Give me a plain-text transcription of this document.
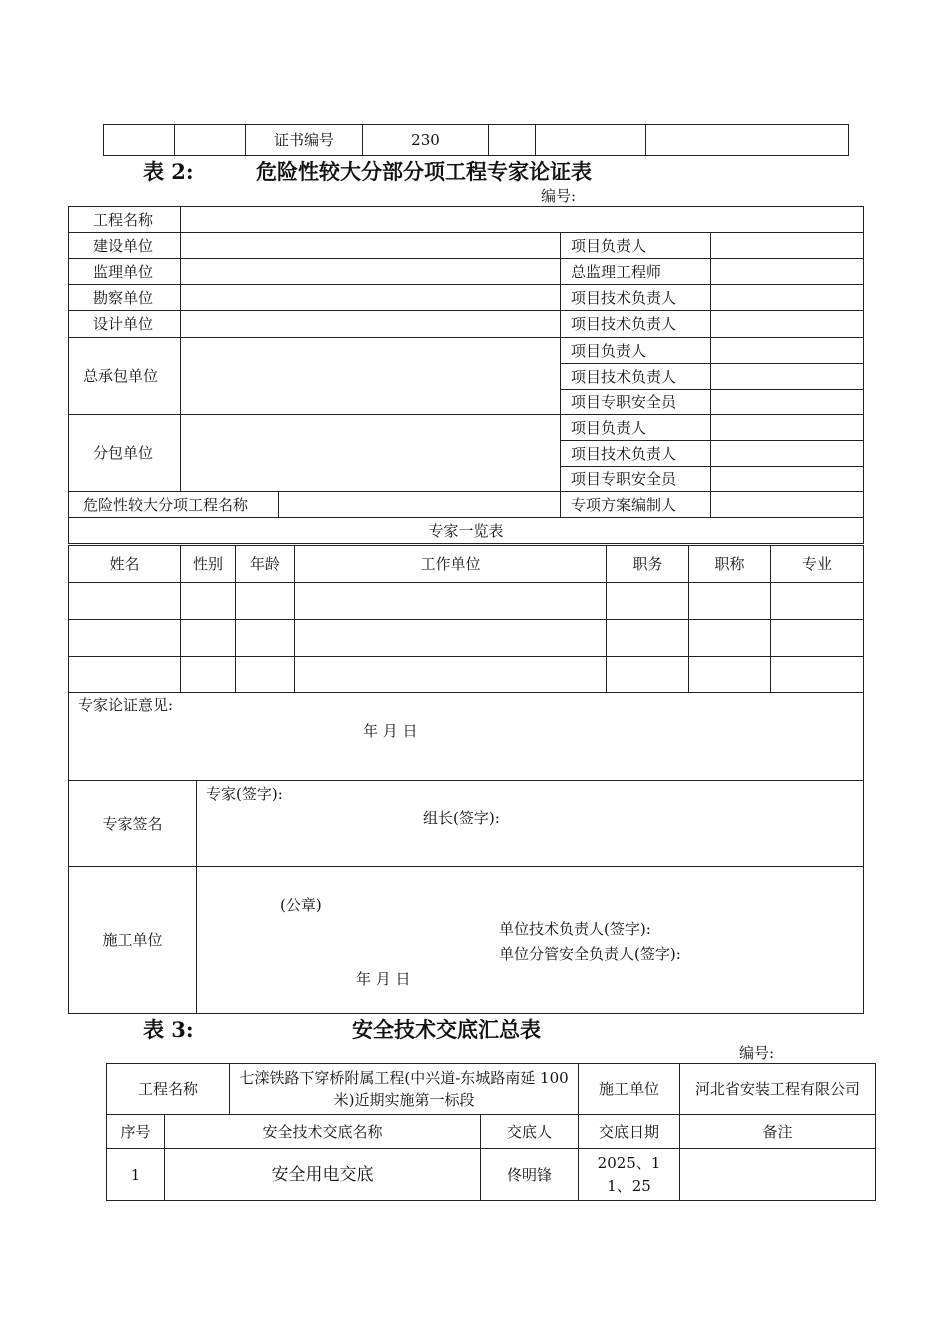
		证书编号	230			
表 2:	危险性较大分部分项工程专家论证表
编号:
工程名称				
建设单位			项目负责人	
监理单位			总监理工程师	
勘察单位			项目技术负责人	
设计单位			项目技术负责人	
总承包单位			项目负责人	
			项目技术负责人	
			项目专职安全员	
分包单位			项目负责人	
			项目技术负责人	
			项目专职安全员	
危险性较大分项工程名称			专项方案编制人	
专家一览表				
姓名	性别	年龄	工作单位	职务	职称	专业

专家论证意见:
年 月 日	

专家签名	专家(签字):
组长(签字):

施工单位	(公章)
单位技术负责人(签字):
单位分管安全负责人(签字):
年 月 日
表 3:	安全技术交底汇总表
编号:
工程名称		七滦铁路下穿桥附属工程(中兴道-东城路南延 100 米)近期实施第一标段		施工单位	河北省安装工程有限公司
序号	安全技术交底名称		交底人	交底日期	备注
1	安全用电交底		佟明锋	2025、11、25	
